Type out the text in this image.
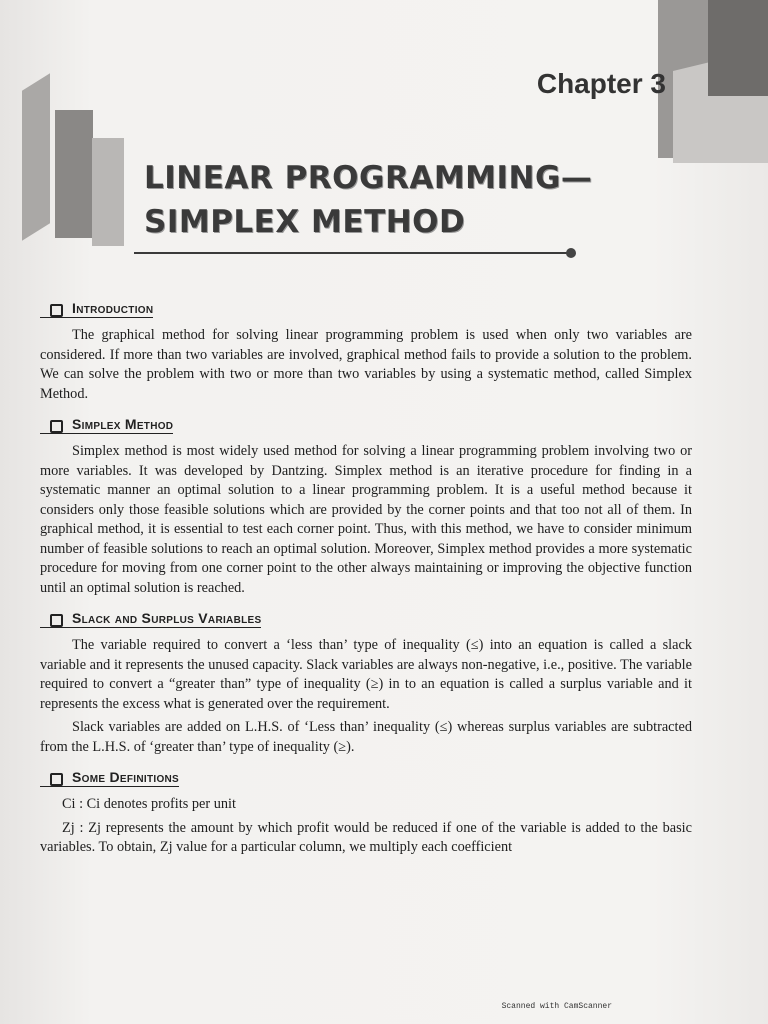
Chapter 3
LINEAR PROGRAMMING—
SIMPLEX METHOD
Introduction

The graphical method for solving linear programming problem is used when only two variables are considered. If more than two variables are involved, graphical method fails to provide a solution to the problem. We can solve the problem with two or more than two variables by using a systematic method, called Simplex Method.

Simplex Method

Simplex method is most widely used method for solving a linear programming problem involving two or more variables. It was developed by Dantzing. Simplex method is an iterative procedure for finding in a systematic manner an optimal solution to a linear programming problem. It is a useful method because it considers only those feasible solutions which are provided by the corner points and that too not all of them. In graphical method, it is essential to test each corner point. Thus, with this method, we have to consider minimum number of feasible solutions to reach an optimal solution. Moreover, Simplex method provides a more systematic procedure for moving from one corner point to the other always maintaining or improving the objective function until an optimal solution is reached.

Slack and Surplus Variables

The variable required to convert a ‘less than’ type of inequality (≤) into an equation is called a slack variable and it represents the unused capacity. Slack variables are always non-negative, i.e., positive. The variable required to convert a “greater than” type of inequality (≥) in to an equation is called a surplus variable and it represents the excess what is generated over the requirement.

Slack variables are added on L.H.S. of ‘Less than’ inequality (≤) whereas surplus variables are subtracted from the L.H.S. of ‘greater than’ type of inequality (≥).

Some Definitions

Ci : Ci denotes profits per unit

Zj : Zj represents the amount by which profit would be reduced if one of the variable is added to the basic variables. To obtain, Zj value for a particular column, we multiply each coefficient

Scanned with CamScanner
